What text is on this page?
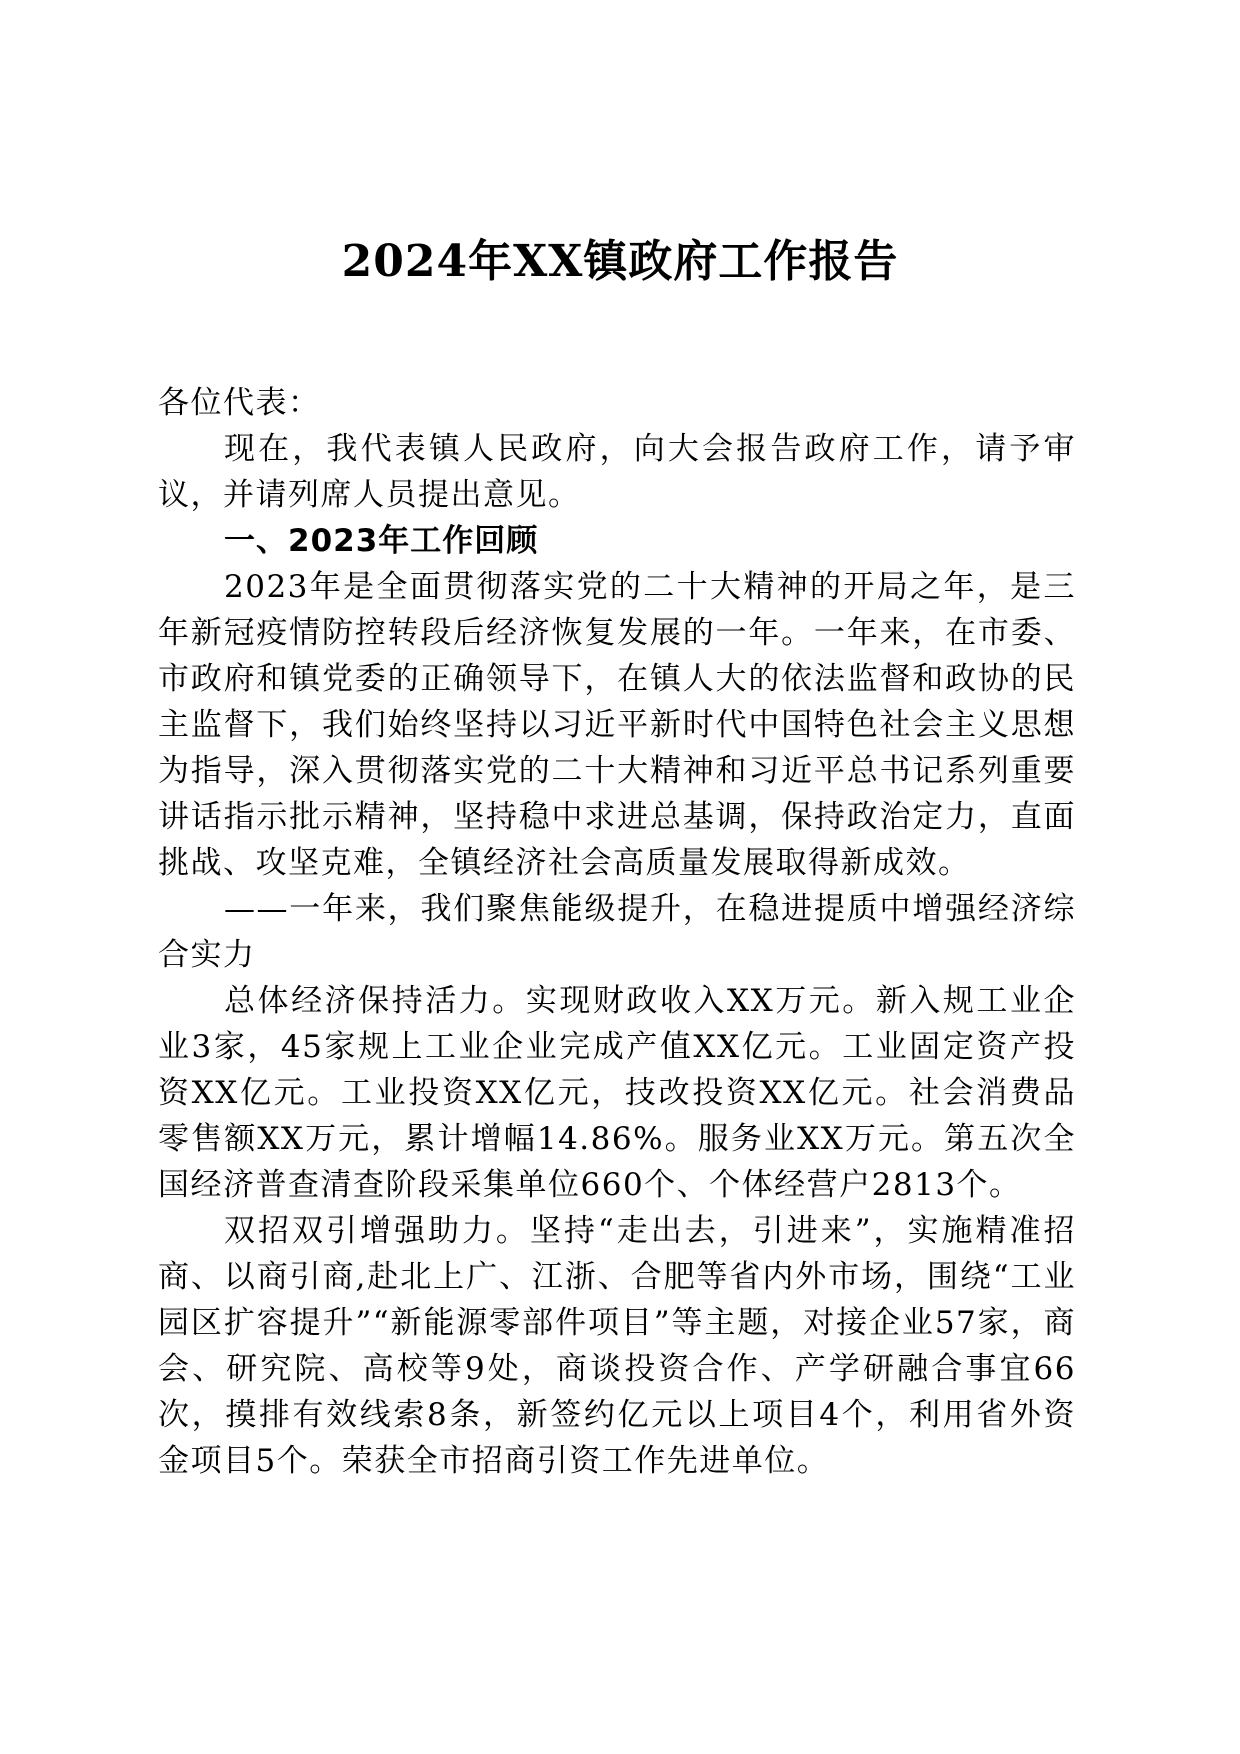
2024年XX镇政府工作报告

各位代表：

现在，我代表镇人民政府，向大会报告政府工作，请予审议，并请列席人员提出意见。

一、2023年工作回顾

2023年是全面贯彻落实党的二十大精神的开局之年，是三年新冠疫情防控转段后经济恢复发展的一年。一年来，在市委、市政府和镇党委的正确领导下，在镇人大的依法监督和政协的民主监督下，我们始终坚持以习近平新时代中国特色社会主义思想为指导，深入贯彻落实党的二十大精神和习近平总书记系列重要讲话指示批示精神，坚持稳中求进总基调，保持政治定力，直面挑战、攻坚克难，全镇经济社会高质量发展取得新成效。

——一年来，我们聚焦能级提升，在稳进提质中增强经济综合实力

总体经济保持活力。实现财政收入XX万元。新入规工业企业3家，45家规上工业企业完成产值XX亿元。工业固定资产投资XX亿元。工业投资XX亿元，技改投资XX亿元。社会消费品零售额XX万元，累计增幅14.86%。服务业XX万元。第五次全国经济普查清查阶段采集单位660个、个体经营户2813个。

双招双引增强助力。坚持“走出去，引进来”，实施精准招商、以商引商,赴北上广、江浙、合肥等省内外市场，围绕“工业园区扩容提升”“新能源零部件项目”等主题，对接企业57家，商会、研究院、高校等9处，商谈投资合作、产学研融合事宜66次，摸排有效线索8条，新签约亿元以上项目4个，利用省外资金项目5个。荣获全市招商引资工作先进单位。
